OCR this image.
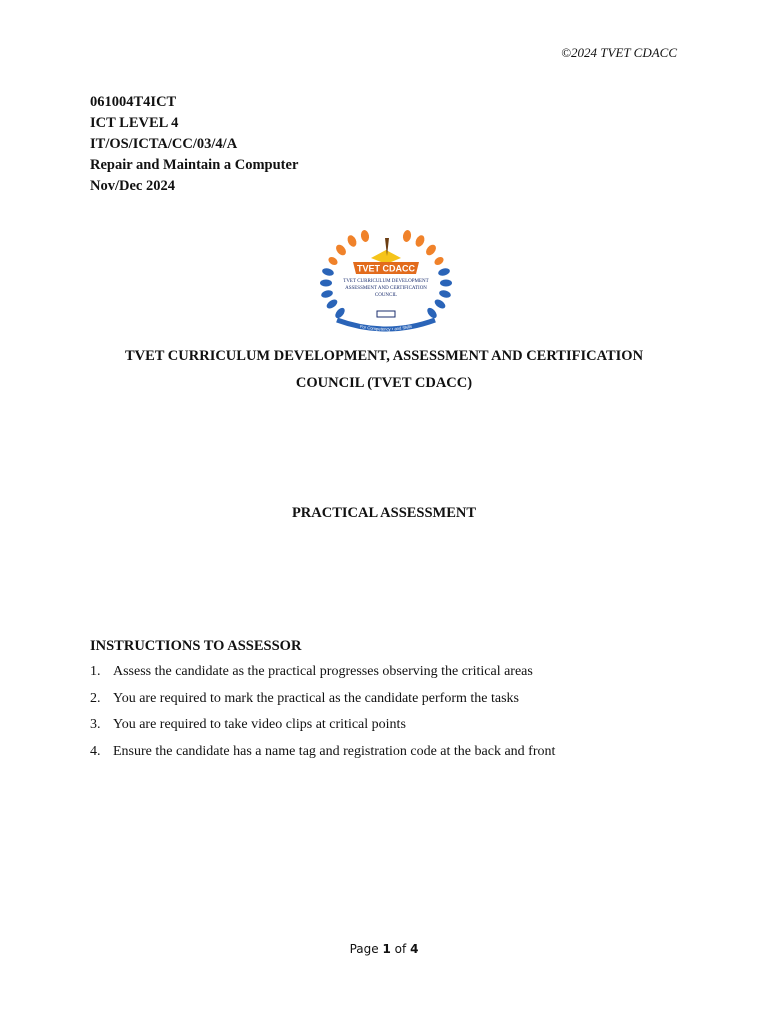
©2024 TVET CDACC
061004T4ICT
ICT LEVEL 4
IT/OS/ICTA/CC/03/4/A
Repair and Maintain a Computer
Nov/Dec 2024
TVET CDACC
TVET CURRICULUM DEVELOPMENT
ASSESSMENT AND CERTIFICATION
COUNCIL
For Competency • and Skills
TVET CURRICULUM DEVELOPMENT, ASSESSMENT AND CERTIFICATION
COUNCIL (TVET CDACC)
PRACTICAL ASSESSMENT
INSTRUCTIONS TO ASSESSOR
1. Assess the candidate as the practical progresses observing the critical areas
2. You are required to mark the practical as the candidate perform the tasks
3. You are required to take video clips at critical points
4. Ensure the candidate has a name tag and registration code at the back and front
Page 1 of 4
